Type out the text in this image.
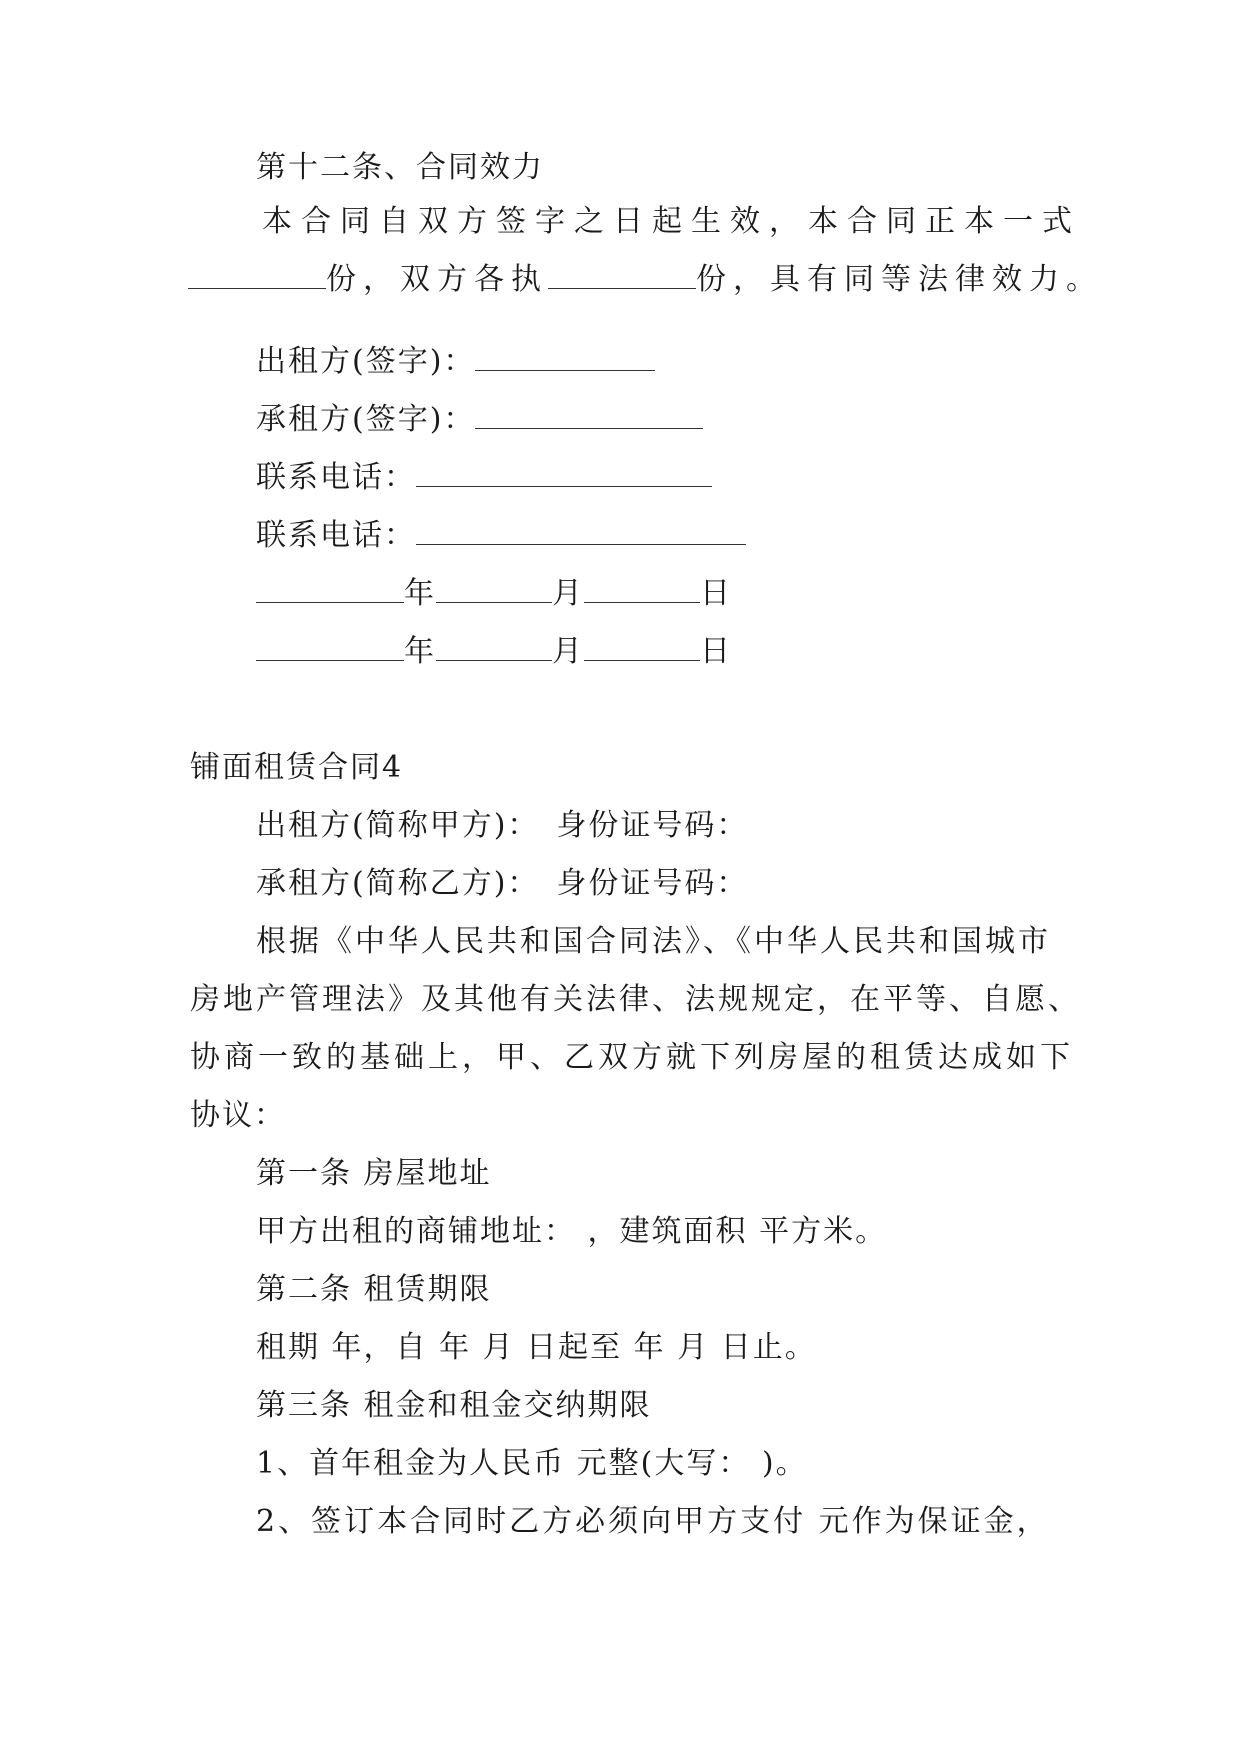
第十二条、合同效力
本合同自双方签字之日起生效，本合同正本一式
份，双方各执	份，具有同等法律效力。
出租方(签字)：
承租方(签字)：
联系电话：
联系电话：
年	月	日
年	月	日
铺面租赁合同4
出租方(简称甲方)：　身份证号码：
承租方(简称乙方)：　身份证号码：
根据《中华人民共和国合同法》、《中华人民共和国城市
房地产管理法》及其他有关法律、法规规定，在平等、自愿、
协商一致的基础上，甲、乙双方就下列房屋的租赁达成如下
协议：
第一条 房屋地址
甲方出租的商铺地址： ，建筑面积 平方米。
第二条 租赁期限
租期 年，自 年 月 日起至 年 月 日止。
第三条 租金和租金交纳期限
1、首年租金为人民币 元整(大写： )。
2、签订本合同时乙方必须向甲方支付 元作为保证金，
